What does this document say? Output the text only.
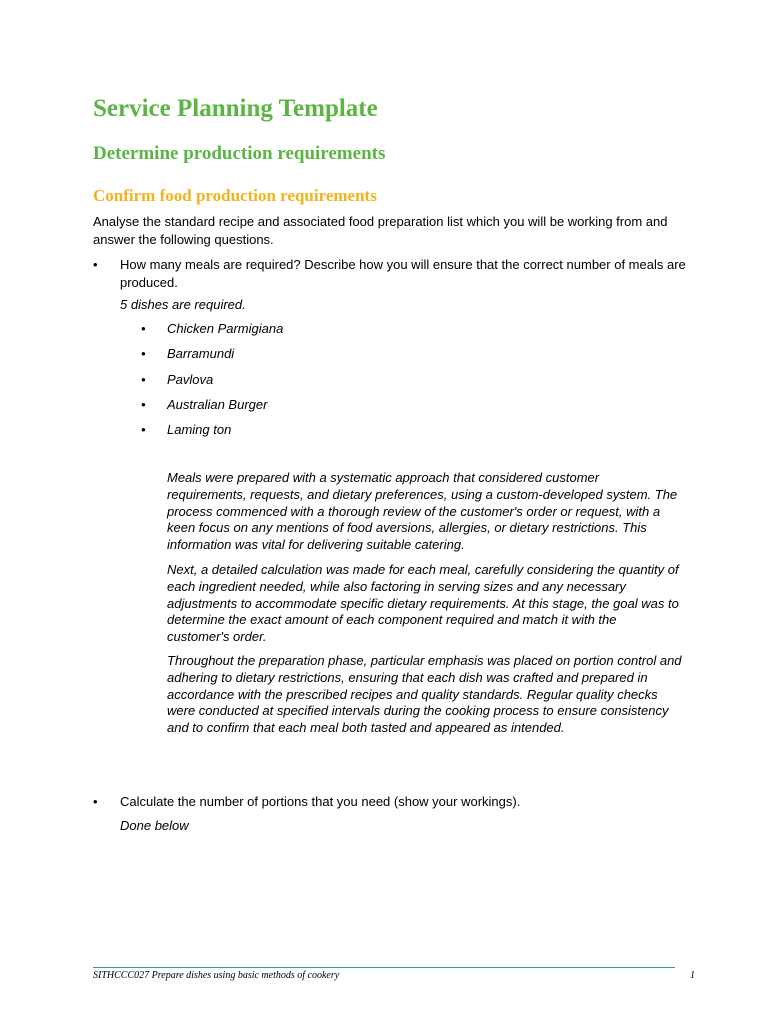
Service Planning Template
Determine production requirements
Confirm food production requirements

Analyse the standard recipe and associated food preparation list which you will be working from and answer the following questions.

• How many meals are required? Describe how you will ensure that the correct number of meals are produced.
5 dishes are required.
• Chicken Parmigiana
• Barramundi
• Pavlova
• Australian Burger
• Laming ton

Meals were prepared with a systematic approach that considered customer requirements, requests, and dietary preferences, using a custom-developed system. The process commenced with a thorough review of the customer's order or request, with a keen focus on any mentions of food aversions, allergies, or dietary restrictions. This information was vital for delivering suitable catering.

Next, a detailed calculation was made for each meal, carefully considering the quantity of each ingredient needed, while also factoring in serving sizes and any necessary adjustments to accommodate specific dietary requirements. At this stage, the goal was to determine the exact amount of each component required and match it with the customer's order.

Throughout the preparation phase, particular emphasis was placed on portion control and adhering to dietary restrictions, ensuring that each dish was crafted and prepared in accordance with the prescribed recipes and quality standards. Regular quality checks were conducted at specified intervals during the cooking process to ensure consistency and to confirm that each meal both tasted and appeared as intended.

• Calculate the number of portions that you need (show your workings).
Done below
SITHCCC027 Prepare dishes using basic methods of cookery	1
